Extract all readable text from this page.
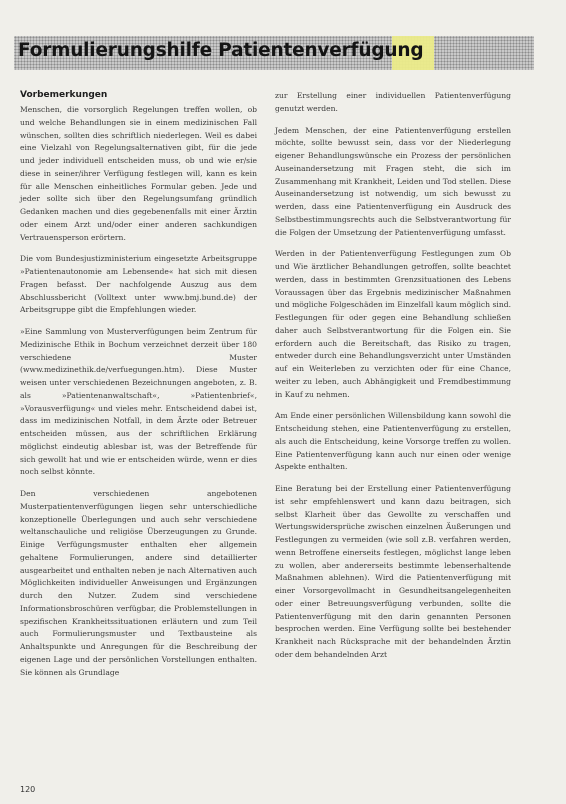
Formulierungshilfe Patientenverfügung
Vorbemerkungen

Menschen, die vorsorglich Regelungen treffen wollen, ob und welche Behandlungen sie in einem medizinischen Fall wünschen, sollten dies schriftlich niederlegen. Weil es dabei eine Vielzahl von Regelungsalternativen gibt, für die jede und jeder individuell entscheiden muss, ob und wie er/sie diese in seiner/ihrer Verfügung festlegen will, kann es kein für alle Menschen einheitliches Formular geben. Jede und jeder sollte sich über den Regelungsumfang gründlich Gedanken machen und dies gegebenenfalls mit einer Ärztin oder einem Arzt und/oder einer anderen sachkundigen Vertrauensperson erörtern.

Die vom Bundesjustizministerium eingesetzte Arbeitsgruppe »Patientenautonomie am Lebensende« hat sich mit diesen Fragen befasst. Der nachfolgende Auszug aus dem Abschlussbericht (Volltext unter www.bmj.bund.de) der Arbeitsgruppe gibt die Empfehlungen wieder.

»Eine Sammlung von Musterverfügungen beim Zentrum für Medizinische Ethik in Bochum verzeichnet derzeit über 180 verschiedene Muster (www.medizinethik.de/verfuegungen.htm). Diese Muster weisen unter verschiedenen Bezeichnungen angeboten, z. B. als »Patientenanwaltschaft«, »Patientenbrief«, »Vorausverfügung« und vieles mehr. Entscheidend dabei ist, dass im medizinischen Notfall, in dem Ärzte oder Betreuer entscheiden müssen, aus der schriftlichen Erklärung möglichst eindeutig ablesbar ist, was der Betreffende für sich gewollt hat und wie er entscheiden würde, wenn er dies noch selbst könnte.

Den verschiedenen angebotenen Musterpatientenverfügungen liegen sehr unterschiedliche konzeptionelle Überlegungen und auch sehr verschiedene weltanschauliche und religiöse Überzeugungen zu Grunde. Einige Verfügungsmuster enthalten eher allgemein gehaltene Formulierungen, andere sind detaillierter ausgearbeitet und enthalten neben je nach Alternativen auch Möglichkeiten individueller Anweisungen und Ergänzungen durch den Nutzer. Zudem sind verschiedene Informationsbroschüren verfügbar, die Problemstellungen in spezifischen Krankheitssituationen erläutern und zum Teil auch Formulierungsmuster und Textbausteine als Anhaltspunkte und Anregungen für die Beschreibung der eigenen Lage und der persönlichen Vorstellungen enthalten. Sie können als Grundlage

zur Erstellung einer individuellen Patientenverfügung genutzt werden.

Jedem Menschen, der eine Patientenverfügung erstellen möchte, sollte bewusst sein, dass vor der Niederlegung eigener Behandlungswünsche ein Prozess der persönlichen Auseinandersetzung mit Fragen steht, die sich im Zusammenhang mit Krankheit, Leiden und Tod stellen. Diese Auseinandersetzung ist notwendig, um sich bewusst zu werden, dass eine Patientenverfügung ein Ausdruck des Selbstbestimmungsrechts auch die Selbstverantwortung für die Folgen der Umsetzung der Patientenverfügung umfasst.

Werden in der Patientenverfügung Festlegungen zum Ob und Wie ärztlicher Behandlungen getroffen, sollte beachtet werden, dass in bestimmten Grenzsituationen des Lebens Voraussagen über das Ergebnis medizinischer Maßnahmen und mögliche Folgeschäden im Einzelfall kaum möglich sind. Festlegungen für oder gegen eine Behandlung schließen daher auch Selbstverantwortung für die Folgen ein. Sie erfordern auch die Bereitschaft, das Risiko zu tragen, entweder durch eine Behandlungsverzicht unter Umständen auf ein Weiterleben zu verzichten oder für eine Chance, weiter zu leben, auch Abhängigkeit und Fremdbestimmung in Kauf zu nehmen.

Am Ende einer persönlichen Willensbildung kann sowohl die Entscheidung stehen, eine Patientenverfügung zu erstellen, als auch die Entscheidung, keine Vorsorge treffen zu wollen. Eine Patientenverfügung kann auch nur einen oder wenige Aspekte enthalten.

Eine Beratung bei der Erstellung einer Patientenverfügung ist sehr empfehlenswert und kann dazu beitragen, sich selbst Klarheit über das Gewollte zu verschaffen und Wertungswidersprüche zwischen einzelnen Äußerungen und Festlegungen zu vermeiden (wie soll z.B. verfahren werden, wenn Betroffene einerseits festlegen, möglichst lange leben zu wollen, aber andererseits bestimmte lebenserhaltende Maßnahmen ablehnen). Wird die Patientenverfügung mit einer Vorsorgevollmacht in Gesundheitsangelegenheiten oder einer Betreuungsverfügung verbunden, sollte die Patientenverfügung mit den darin genannten Personen besprochen werden. Eine Verfügung sollte bei bestehender Krankheit nach Rücksprache mit der behandelnden Ärztin oder dem behandelnden Arzt

120
